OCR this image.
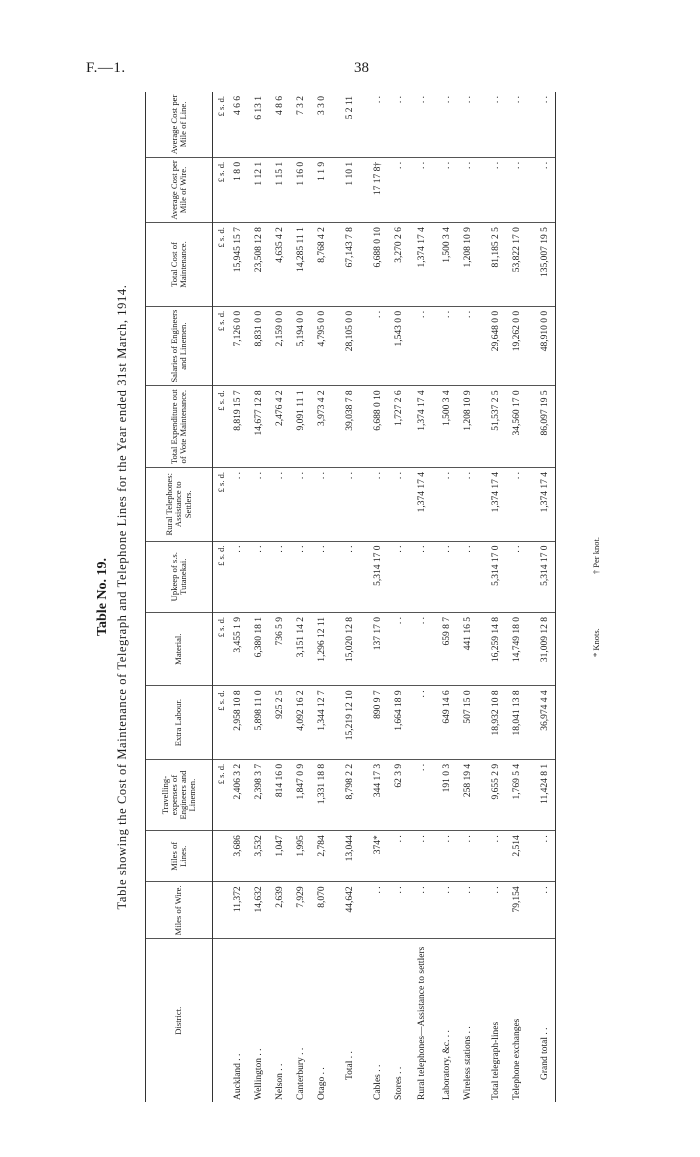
F.—1.	38
Table No. 19. Table showing the Cost of Maintenance of Telegraph and Telephone Lines for the Year ended 31st March, 1914.
District.	Miles of Wire.	Miles of Lines.	Travelling-expenses of Engineers and Linemen.	Extra Labour.	Material.	Upkeep of s.s. Tutanekai.	Rural Telephones: Assistance to Settlers.	Total Expenditure out of Vote Maintenance.	Salaries of Engineers and Linemen.	Total Cost of Maintenance.	Average Cost per Mile of Wire.	Average Cost per Mile of Line.
			£ s. d.	£ s. d.	£ s. d.	£ s. d.	£ s. d.	£ s. d.	£ s. d.	£ s. d.	£ s. d.	£ s. d.
Auckland . .	11,372	3,686	2,406 3 2	2,958 10 8	3,455 1 9	. .	. .	8,819 15 7	7,126 0 0	15,945 15 7	1 8 0	4 6 6
Wellington . .	14,632	3,532	2,398 3 7	5,898 11 0	6,380 18 1	. .	. .	14,677 12 8	8,831 0 0	23,508 12 8	1 12 1	6 13 1
Nelson . .	2,639	1,047	814 16 0	925 2 5	736 5 9	. .	. .	2,476 4 2	2,159 0 0	4,635 4 2	1 15 1	4 8 6
Canterbury . .	7,929	1,995	1,847 0 9	4,092 16 2	3,151 14 2	. .	. .	9,091 11 1	5,194 0 0	14,285 11 1	1 16 0	7 3 2
Otago . .	8,070	2,784	1,331 18 8	1,344 12 7	1,296 12 11	. .	. .	3,973 4 2	4,795 0 0	8,768 4 2	1 1 9	3 3 0

Total . .	44,642	13,044	8,798 2 2	15,219 12 10	15,020 12 8	. .	. .	39,038 7 8	28,105 0 0	67,143 7 8	1 10 1	5 2 11

Cables . .	. .	374*	344 17 3	890 9 7	137 17 0	5,314 17 0	. .	6,688 0 10	. .	6,688 0 10	17 17 8†	. .
Stores . .	. .	. .	62 3 9	1,664 18 9	. .	. .	. .	1,727 2 6	1,543 0 0	3,270 2 6	. .	. .
Rural telephones—Assistance to settlers	. .	. .	. .	. .	. .	. .	1,374 17 4	1,374 17 4	. .	1,374 17 4	. .	. .
Laboratory, &c. . .	. .	. .	191 0 3	649 14 6	659 8 7	. .	. .	1,500 3 4	. .	1,500 3 4	. .	. .
Wireless stations . .	. .	. .	258 19 4	507 15 0	441 16 5	. .	. .	1,208 10 9	. .	1,208 10 9	. .	. .

Total telegraph-lines	. .	. .	9,655 2 9	18,932 10 8	16,259 14 8	5,314 17 0	1,374 17 4	51,537 2 5	29,648 0 0	81,185 2 5	. .	. .
Telephone exchanges	79,154	2,514	1,769 5 4	18,041 13 8	14,749 18 0	. .	. .	34,560 17 0	19,262 0 0	53,822 17 0	. .	. .

Grand total . .	. .	. .	11,424 8 1	36,974 4 4	31,009 12 8	5,314 17 0	1,374 17 4	86,097 19 5	48,910 0 0	135,007 19 5	. .	. .
* Knots. † Per knot.
